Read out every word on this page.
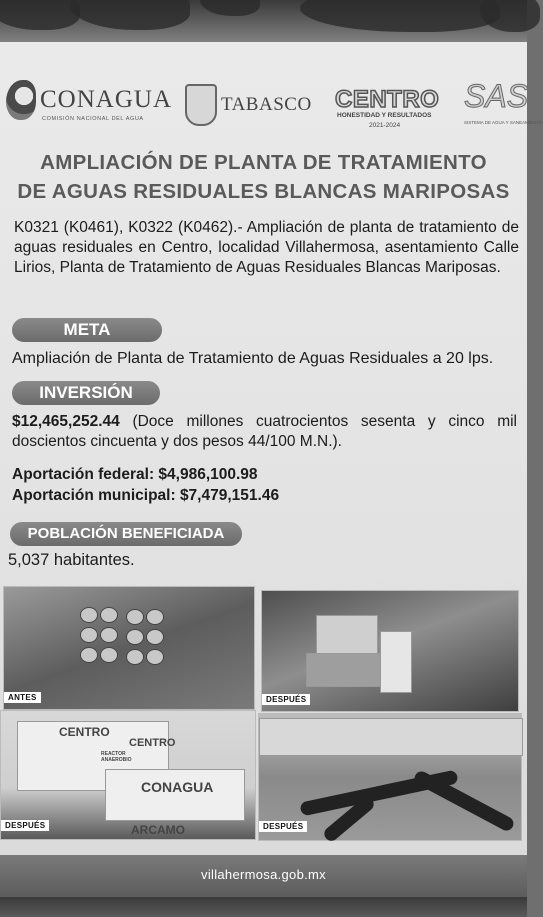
CONAGUA
COMISIÓN NACIONAL DEL AGUA
TABASCO CENTRO
HONESTIDAD Y RESULTADOS
2021-2024
SAS
SISTEMA DE AGUA Y SANEAMIENTO
AMPLIACIÓN DE PLANTA DE TRATAMIENTO
DE AGUAS RESIDUALES BLANCAS MARIPOSAS
K0321 (K0461), K0322 (K0462).- Ampliación de planta de tratamiento de aguas residuales en Centro, localidad Villahermosa, asentamiento Calle Lirios, Planta de Tratamiento de Aguas Residuales Blancas Mariposas.
META
Ampliación de Planta de Tratamiento de Aguas Residuales a 20 lps.
INVERSIÓN
$12,465,252.44 (Doce millones cuatrocientos sesenta y cinco mil doscientos cincuenta y dos pesos 44/100 M.N.).
Aportación federal: $4,986,100.98
Aportación municipal: $7,479,151.46
POBLACIÓN BENEFICIADA
5,037 habitantes.
ANTES	DESPUÉS
CENTRO
CENTRO
REACTOR ANAEROBIO
CONAGUA
ARCAMO
DESPUÉS	DESPUÉS
villahermosa.gob.mx
